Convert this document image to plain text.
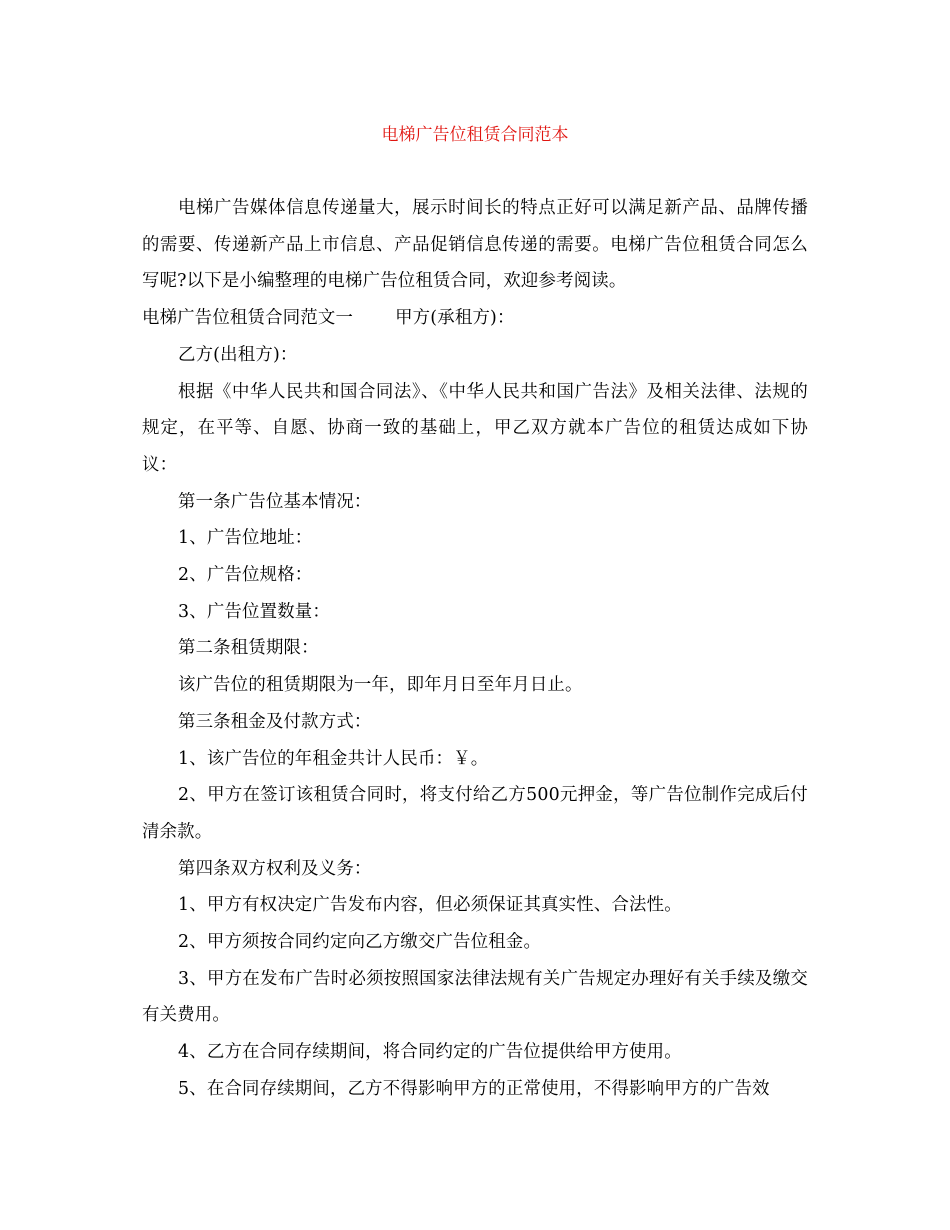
电梯广告位租赁合同范本

电梯广告媒体信息传递量大，展示时间长的特点正好可以满足新产品、品牌传播的需要、传递新产品上市信息、产品促销信息传递的需要。电梯广告位租赁合同怎么写呢?以下是小编整理的电梯广告位租赁合同，欢迎参考阅读。

电梯广告位租赁合同范文一 甲方(承租方)：

乙方(出租方)：

根据《中华人民共和国合同法》、《中华人民共和国广告法》及相关法律、法规的规定，在平等、自愿、协商一致的基础上，甲乙双方就本广告位的租赁达成如下协议：

第一条广告位基本情况：

1、广告位地址：

2、广告位规格：

3、广告位置数量：

第二条租赁期限：

该广告位的租赁期限为一年，即年月日至年月日止。

第三条租金及付款方式：

1、该广告位的年租金共计人民币：￥。

2、甲方在签订该租赁合同时，将支付给乙方500元押金，等广告位制作完成后付清余款。

第四条双方权利及义务：

1、甲方有权决定广告发布内容，但必须保证其真实性、合法性。

2、甲方须按合同约定向乙方缴交广告位租金。

3、甲方在发布广告时必须按照国家法律法规有关广告规定办理好有关手续及缴交有关费用。

4、乙方在合同存续期间，将合同约定的广告位提供给甲方使用。

5、在合同存续期间，乙方不得影响甲方的正常使用，不得影响甲方的广告效
